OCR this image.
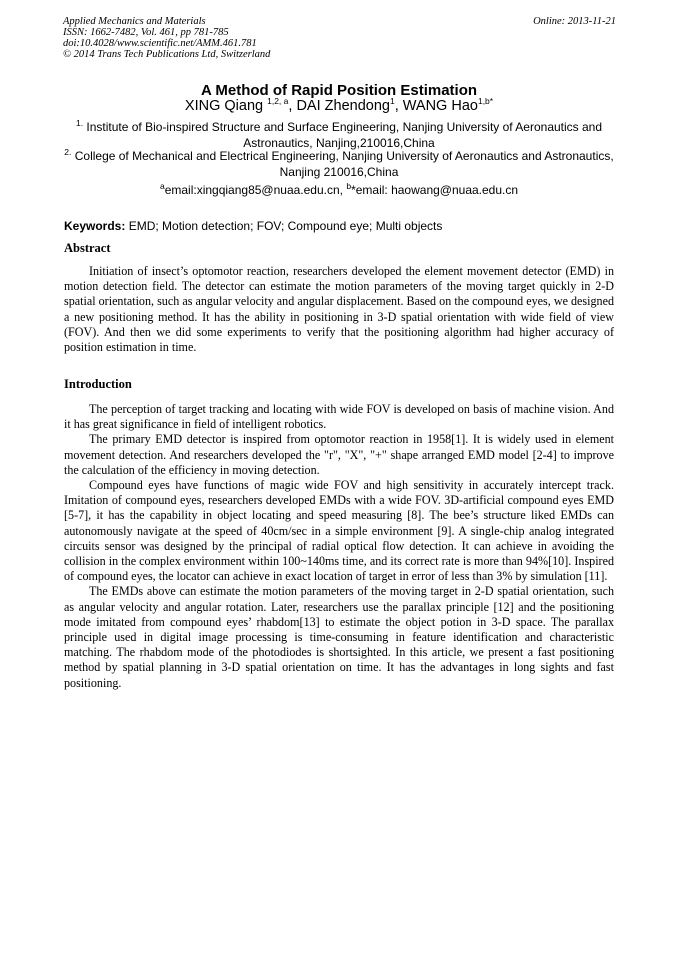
Applied Mechanics and Materials
ISSN: 1662-7482, Vol. 461, pp 781-785
doi:10.4028/www.scientific.net/AMM.461.781
© 2014 Trans Tech Publications Ltd, Switzerland
Online: 2013-11-21
A Method of Rapid Position Estimation
XING Qiang $^{1,2, a}$, DAI Zhendong$^1$, WANG Hao$^{1,b*}$
$^{1.}$ Institute of Bio-inspired Structure and Surface Engineering, Nanjing University of Aeronautics and Astronautics, Nanjing,210016,China
$^{2.}$ College of Mechanical and Electrical Engineering, Nanjing University of Aeronautics and Astronautics, Nanjing 210016,China
$^a$email:xingqiang85@nuaa.edu.cn, $^b$*email: haowang@nuaa.edu.cn
Keywords: EMD; Motion detection; FOV; Compound eye; Multi objects
Abstract

Initiation of insect’s optomotor reaction, researchers developed the element movement detector (EMD) in motion detection field. The detector can estimate the motion parameters of the moving target quickly in 2-D spatial orientation, such as angular velocity and angular displacement. Based on the compound eyes, we designed a new positioning method. It has the ability in positioning in 3-D spatial orientation with wide field of view (FOV). And then we did some experiments to verify that the positioning algorithm had higher accuracy of position estimation in time.

Introduction

The perception of target tracking and locating with wide FOV is developed on basis of machine vision. And it has great significance in field of intelligent robotics.

The primary EMD detector is inspired from optomotor reaction in 1958[1]. It is widely used in element movement detection. And researchers developed the "r", "X", "+" shape arranged EMD model [2-4] to improve the calculation of the efficiency in moving detection.

Compound eyes have functions of magic wide FOV and high sensitivity in accurately intercept track. Imitation of compound eyes, researchers developed EMDs with a wide FOV. 3D-artificial compound eyes EMD [5-7], it has the capability in object locating and speed measuring [8]. The bee’s structure liked EMDs can autonomously navigate at the speed of 40cm/sec in a simple environment [9]. A single-chip analog integrated circuits sensor was designed by the principal of radial optical flow detection. It can achieve in avoiding the collision in the complex environment within 100~140ms time, and its correct rate is more than 94%[10]. Inspired of compound eyes, the locator can achieve in exact location of target in error of less than 3% by simulation [11].

The EMDs above can estimate the motion parameters of the moving target in 2-D spatial orientation, such as angular velocity and angular rotation. Later, researchers use the parallax principle [12] and the positioning mode imitated from compound eyes’ rhabdom[13] to estimate the object potion in 3-D space. The parallax principle used in digital image processing is time-consuming in feature identification and characteristic matching. The rhabdom mode of the photodiodes is shortsighted. In this article, we present a fast positioning method by spatial planning in 3-D spatial orientation on time. It has the advantages in long sights and fast positioning.
